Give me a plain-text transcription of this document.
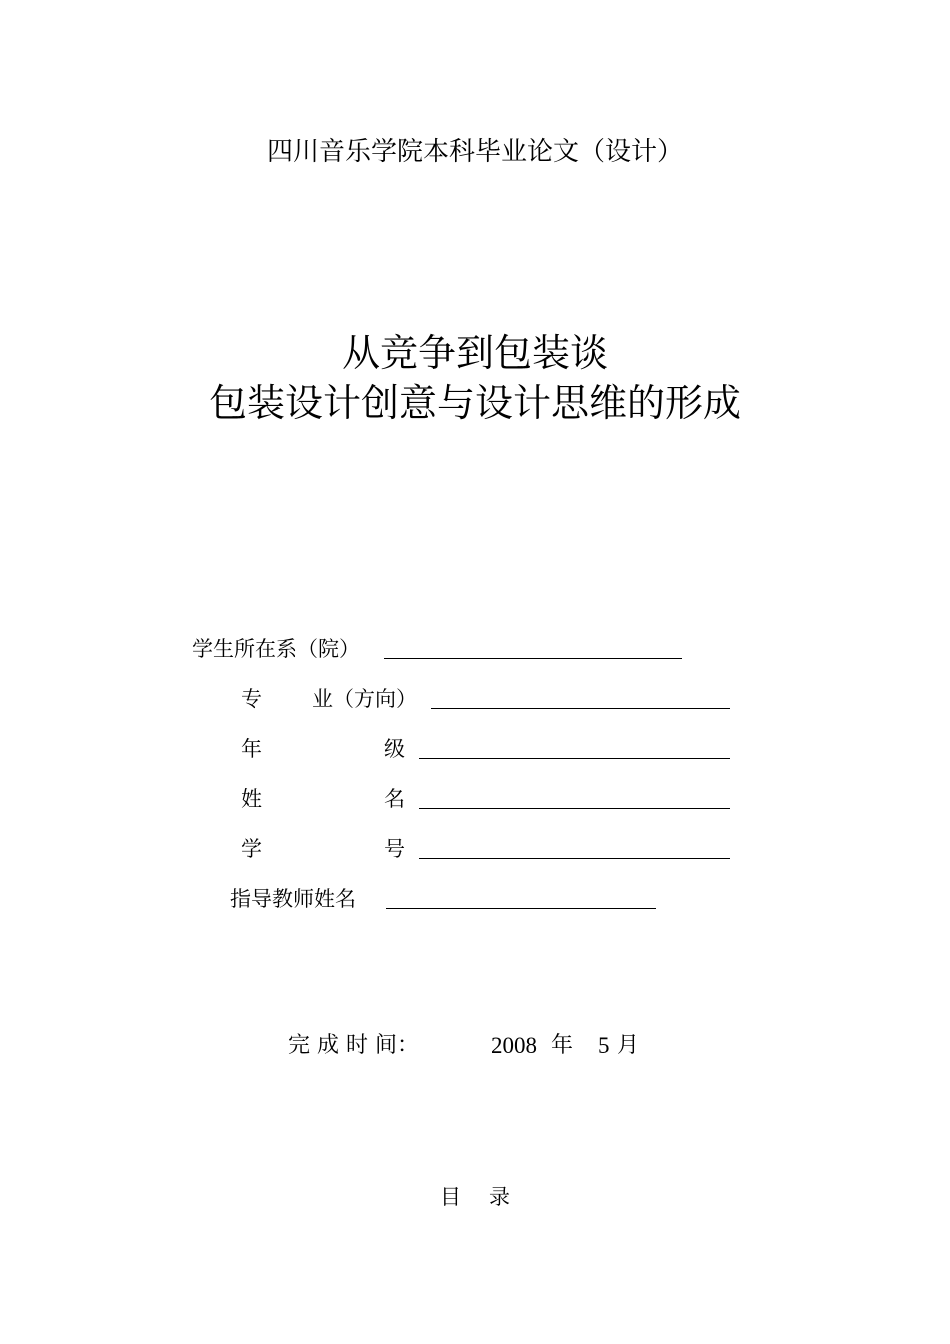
四川音乐学院本科毕业论文（设计）
从竞争到包装谈
包装设计创意与设计思维的形成
学生所在系（院）
专 业（方向）
年	级
姓	名
学	号
指导教师姓名
完 成 时 间：	2008 年 5 月
目录
